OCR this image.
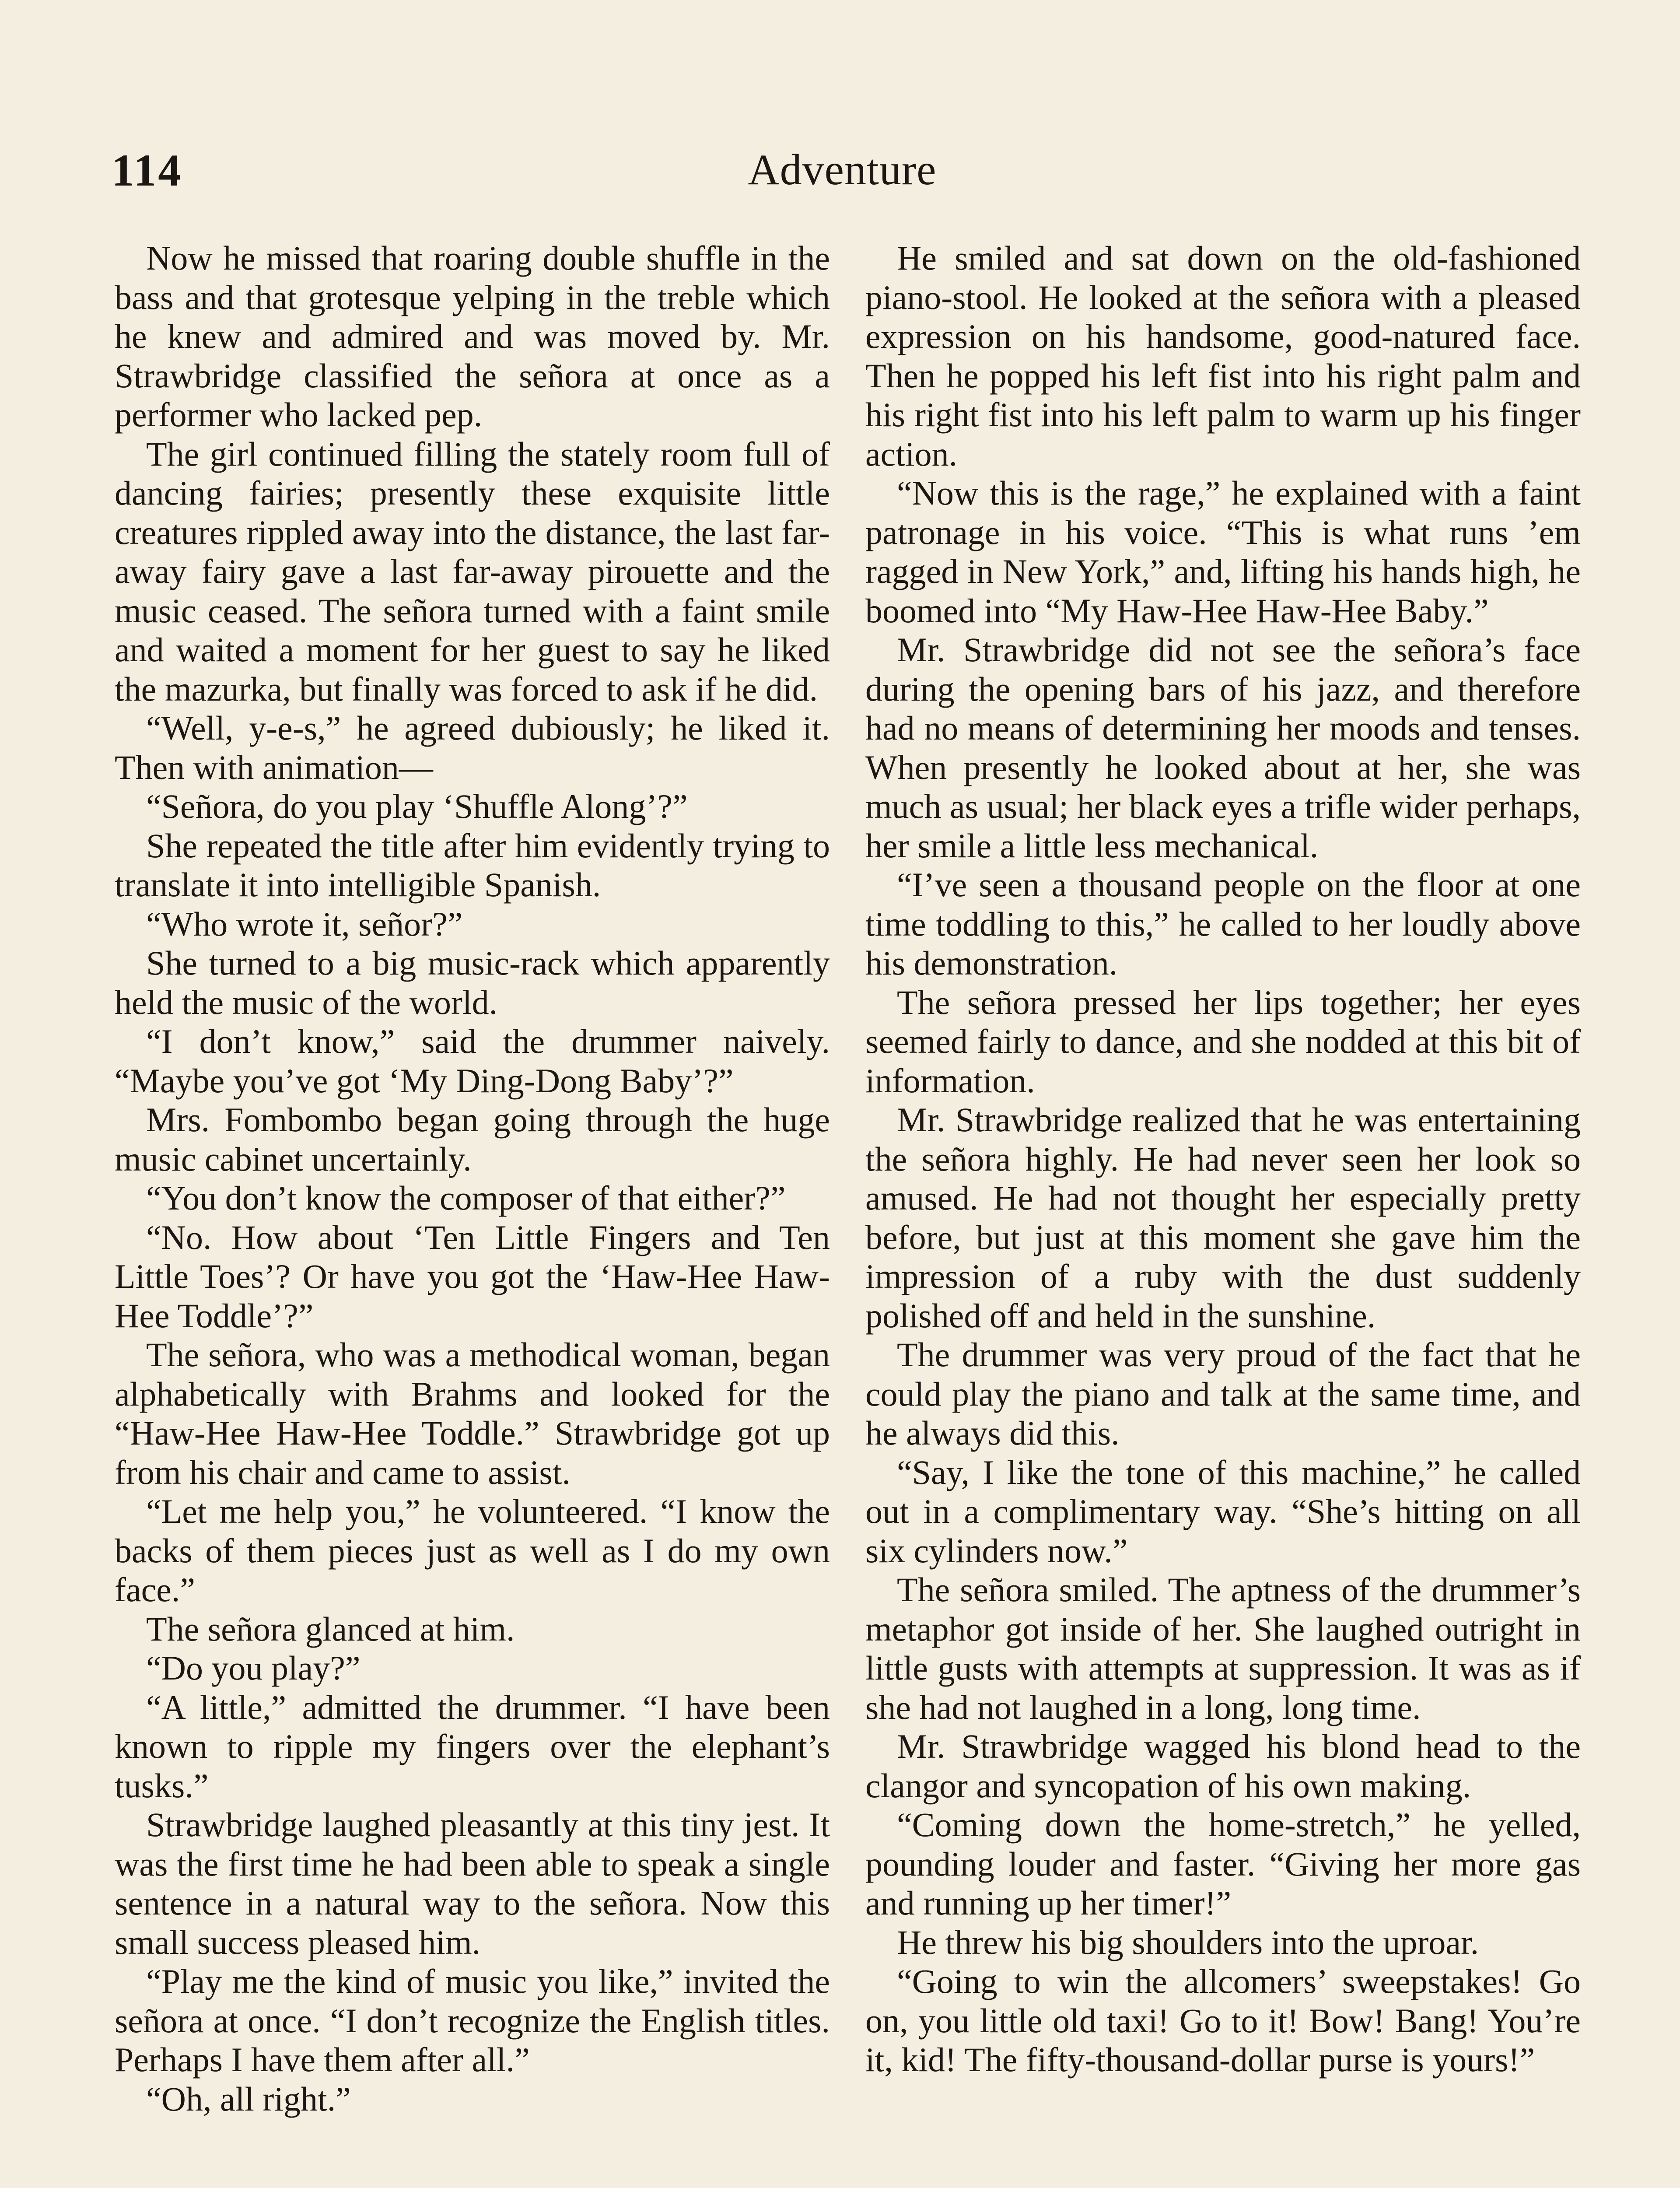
114	Adventure

Now he missed that roaring double shuffle in the bass and that grotesque yelping in the treble which he knew and admired and was moved by. Mr. Strawbridge classified the señora at once as a performer who lacked pep.

The girl continued filling the stately room full of dancing fairies; presently these exquisite little creatures rippled away into the distance, the last far-away fairy gave a last far-away pirouette and the music ceased. The señora turned with a faint smile and waited a moment for her guest to say he liked the mazurka, but finally was forced to ask if he did.

“Well, y-e-s,” he agreed dubiously; he liked it. Then with animation—

“Señora, do you play ‘Shuffle Along’?”

She repeated the title after him evidently trying to translate it into intelligible Spanish.

“Who wrote it, señor?”

She turned to a big music-rack which apparently held the music of the world.

“I don’t know,” said the drummer naively. “Maybe you’ve got ‘My Ding-Dong Baby’?”

Mrs. Fombombo began going through the huge music cabinet uncertainly.

“You don’t know the composer of that either?”

“No. How about ‘Ten Little Fingers and Ten Little Toes’? Or have you got the ‘Haw-Hee Haw-Hee Toddle’?”

The señora, who was a methodical woman, began alphabetically with Brahms and looked for the “Haw-Hee Haw-Hee Toddle.” Strawbridge got up from his chair and came to assist.

“Let me help you,” he volunteered. “I know the backs of them pieces just as well as I do my own face.”

The señora glanced at him.

“Do you play?”

“A little,” admitted the drummer. “I have been known to ripple my fingers over the elephant’s tusks.”

Strawbridge laughed pleasantly at this tiny jest. It was the first time he had been able to speak a single sentence in a natural way to the señora. Now this small success pleased him.

“Play me the kind of music you like,” invited the señora at once. “I don’t recognize the English titles. Perhaps I have them after all.”

“Oh, all right.”

He smiled and sat down on the old-fashioned piano-stool. He looked at the señora with a pleased expression on his handsome, good-natured face. Then he popped his left fist into his right palm and his right fist into his left palm to warm up his finger action.

“Now this is the rage,” he explained with a faint patronage in his voice. “This is what runs ’em ragged in New York,” and, lifting his hands high, he boomed into “My Haw-Hee Haw-Hee Baby.”

Mr. Strawbridge did not see the señora’s face during the opening bars of his jazz, and therefore had no means of determining her moods and tenses. When presently he looked about at her, she was much as usual; her black eyes a trifle wider perhaps, her smile a little less mechanical.

“I’ve seen a thousand people on the floor at one time toddling to this,” he called to her loudly above his demonstration.

The señora pressed her lips together; her eyes seemed fairly to dance, and she nodded at this bit of information.

Mr. Strawbridge realized that he was entertaining the señora highly. He had never seen her look so amused. He had not thought her especially pretty before, but just at this moment she gave him the impression of a ruby with the dust suddenly polished off and held in the sunshine.

The drummer was very proud of the fact that he could play the piano and talk at the same time, and he always did this.

“Say, I like the tone of this machine,” he called out in a complimentary way. “She’s hitting on all six cylinders now.”

The señora smiled. The aptness of the drummer’s metaphor got inside of her. She laughed outright in little gusts with attempts at suppression. It was as if she had not laughed in a long, long time.

Mr. Strawbridge wagged his blond head to the clangor and syncopation of his own making.

“Coming down the home-stretch,” he yelled, pounding louder and faster. “Giving her more gas and running up her timer!”

He threw his big shoulders into the uproar.

“Going to win the allcomers’ sweepstakes! Go on, you little old taxi! Go to it! Bow! Bang! You’re it, kid! The fifty-thousand-dollar purse is yours!”
